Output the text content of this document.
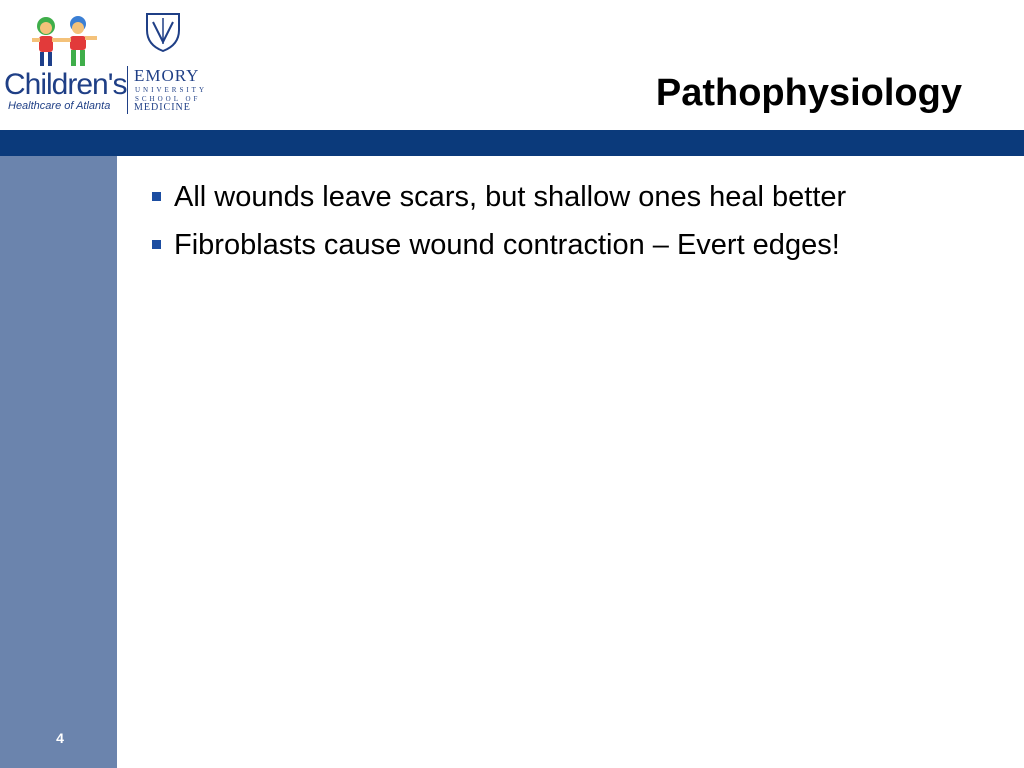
Children's
Healthcare of Atlanta
EMORY
UNIVERSITY
SCHOOL OF
MEDICINE	Pathophysiology
All wounds leave scars, but shallow ones heal better
Fibroblasts cause wound contraction – Evert edges!
4
